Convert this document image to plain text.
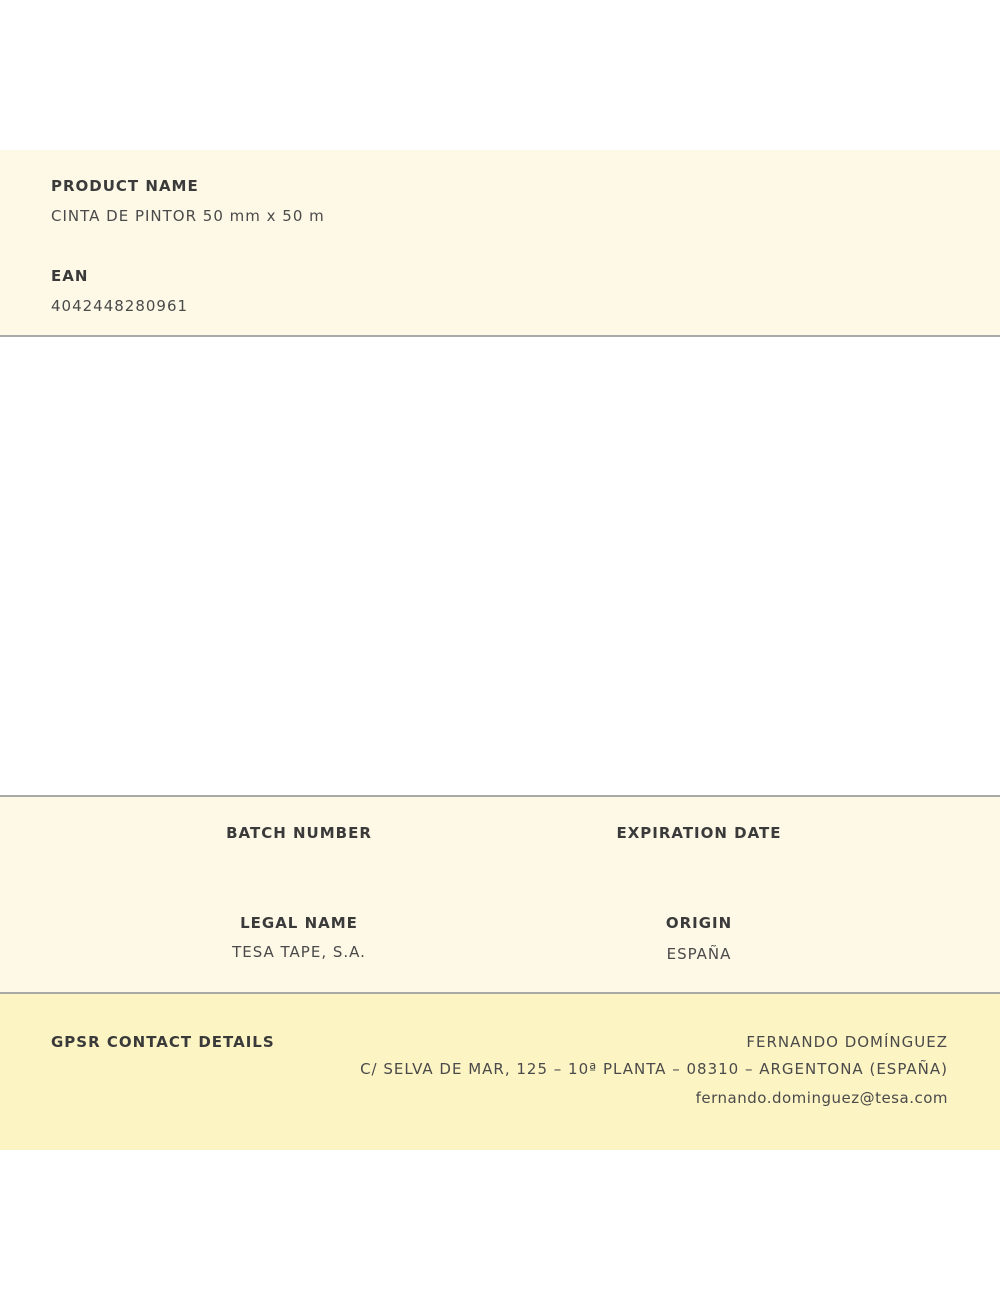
PRODUCT NAME
CINTA DE PINTOR 50 mm x 50 m
EAN
4042448280961
BATCH NUMBER	EXPIRATION DATE
LEGAL NAME
TESA TAPE, S.A.
ORIGIN
ESPAÑA
GPSR CONTACT DETAILS	FERNANDO DOMÍNGUEZ
C/ SELVA DE MAR, 125 – 10ª PLANTA – 08310 – ARGENTONA (ESPAÑA)
fernando.dominguez@tesa.com
